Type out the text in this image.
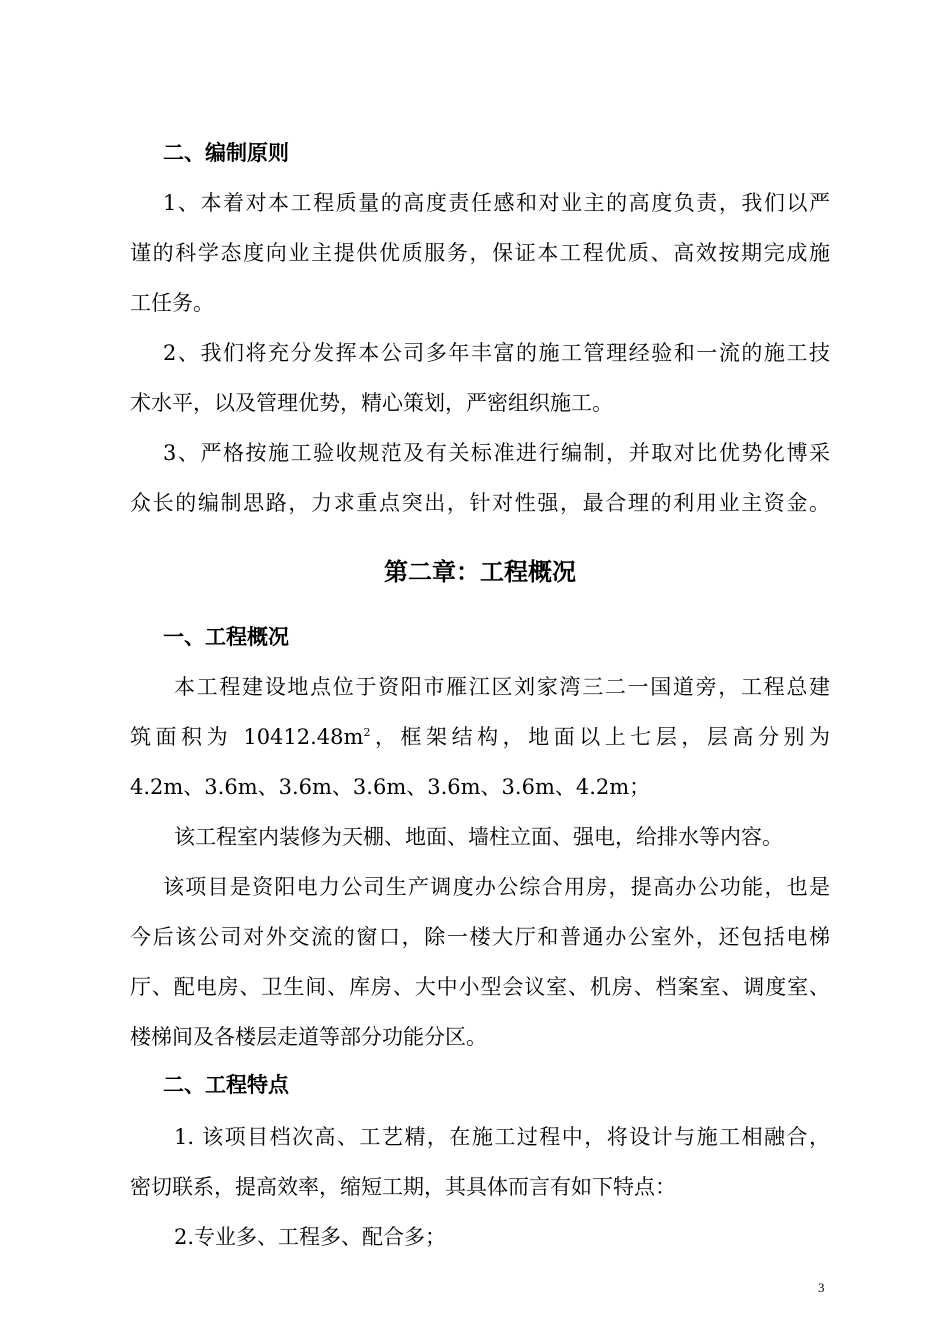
二、编制原则
1、本着对本工程质量的高度责任感和对业主的高度负责，我们以严
谨的科学态度向业主提供优质服务，保证本工程优质、高效按期完成施
工任务。
2、我们将充分发挥本公司多年丰富的施工管理经验和一流的施工技
术水平，以及管理优势，精心策划，严密组织施工。
3、严格按施工验收规范及有关标准进行编制，并取对比优势化博采
众长的编制思路，力求重点突出，针对性强，最合理的利用业主资金。
第二章：工程概况
一、工程概况
本工程建设地点位于资阳市雁江区刘家湾三二一国道旁，工程总建
筑面积为 $10412.48m^2$，框架结构，地面以上七层，层高分别为
4.2m、3.6m、3.6m、3.6m、3.6m、3.6m、4.2m；
该工程室内装修为天棚、地面、墙柱立面、强电，给排水等内容。
该项目是资阳电力公司生产调度办公综合用房，提高办公功能，也是
今后该公司对外交流的窗口，除一楼大厅和普通办公室外，还包括电梯
厅、配电房、卫生间、库房、大中小型会议室、机房、档案室、调度室、
楼梯间及各楼层走道等部分功能分区。
二、工程特点
1. 该项目档次高、工艺精，在施工过程中，将设计与施工相融合，
密切联系，提高效率，缩短工期，其具体而言有如下特点：
2.专业多、工程多、配合多；
3
